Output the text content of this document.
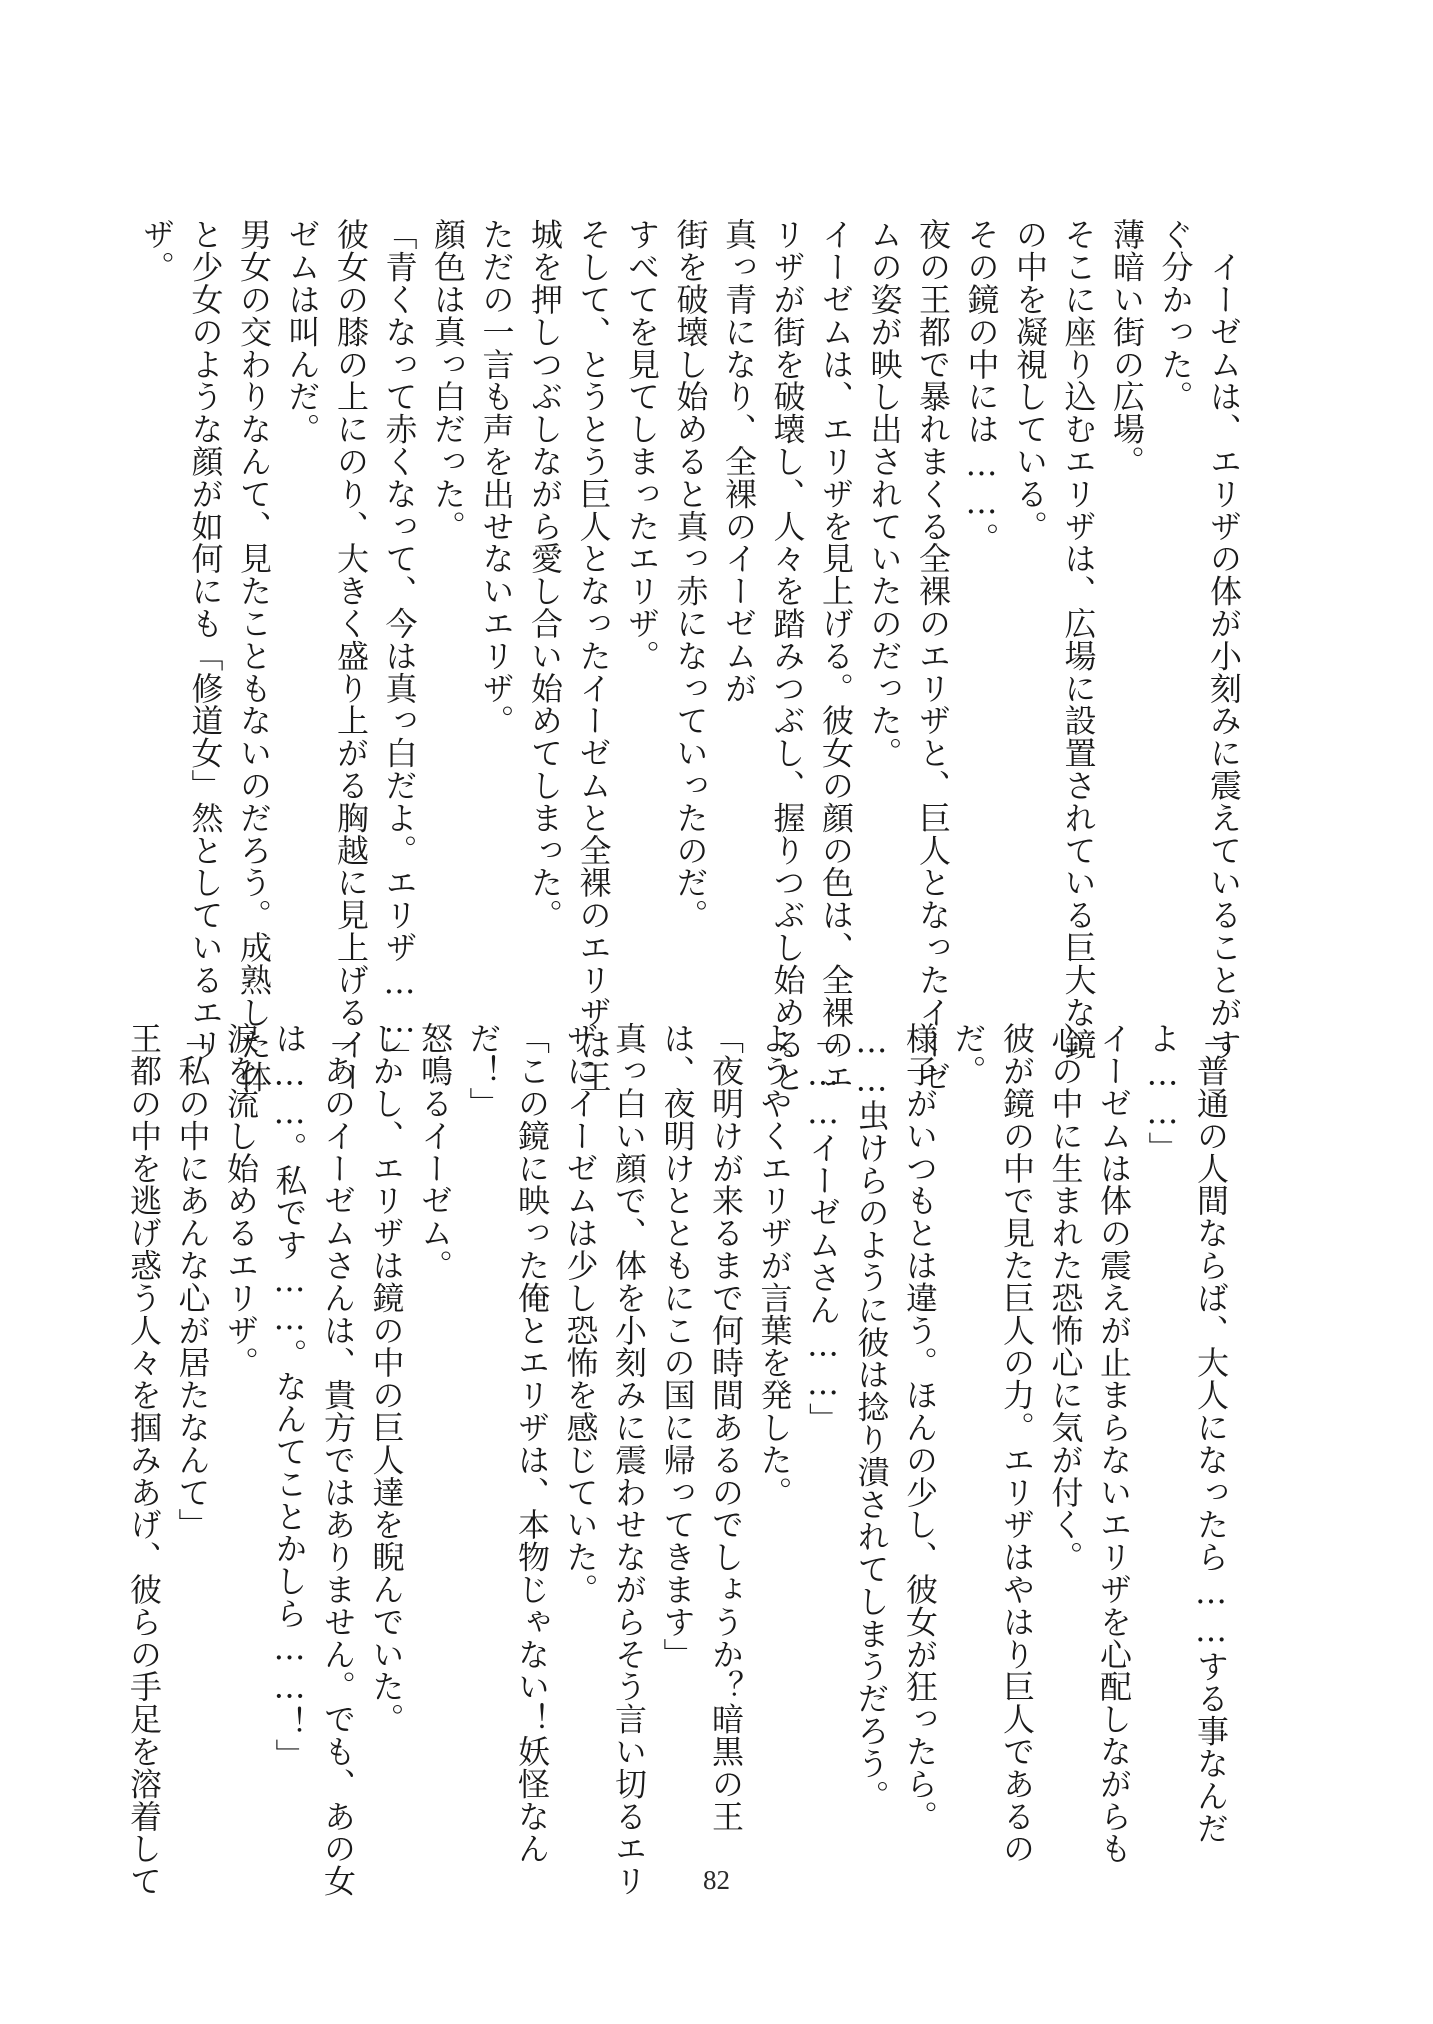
　イーゼムは、エリザの体が小刻みに震えていることがす
ぐ分かった。
薄暗い街の広場。
そこに座り込むエリザは、広場に設置されている巨大な鏡
の中を凝視している。
その鏡の中には……。
夜の王都で暴れまくる全裸のエリザと、巨人となったイーゼ
ムの姿が映し出されていたのだった。
イーゼムは、エリザを見上げる。彼女の顔の色は、全裸のエ
リザが街を破壊し、人々を踏みつぶし、握りつぶし始めると
真っ青になり、全裸のイーゼムが
街を破壊し始めると真っ赤になっていったのだ。
すべてを見てしまったエリザ。
そして、とうとう巨人となったイーゼムと全裸のエリザは王
城を押しつぶしながら愛し合い始めてしまった。
ただの一言も声を出せないエリザ。
顔色は真っ白だった。
「青くなって赤くなって、今は真っ白だよ。エリザ……」
彼女の膝の上にのり、大きく盛り上がる胸越に見上げるイー
ゼムは叫んだ。
男女の交わりなんて、見たこともないのだろう。成熟した体
と少女のような顔が如何にも「修道女」然としているエリ
ザ。
「普通の人間ならば、大人になったら……する事なんだ
よ……」
イーゼムは体の震えが止まらないエリザを心配しながらも
心の中に生まれた恐怖心に気が付く。
彼が鏡の中で見た巨人の力。エリザはやはり巨人であるの
だ。
様子がいつもとは違う。ほんの少し、彼女が狂ったら。
……虫けらのように彼は捻り潰されてしまうだろう。
「……イーゼムさん……」
ようやくエリザが言葉を発した。
「夜明けが来るまで何時間あるのでしょうか？暗黒の王
は、夜明けとともにこの国に帰ってきます」
真っ白い顔で、体を小刻みに震わせながらそう言い切るエリ
ザにイーゼムは少し恐怖を感じていた。
「この鏡に映った俺とエリザは、本物じゃない！妖怪なん
だ！」
怒鳴るイーゼム。
しかし、エリザは鏡の中の巨人達を睨んでいた。
「あのイーゼムさんは、貴方ではありません。でも、あの女
は……。私です……。なんてことかしら……！」
涙を流し始めるエリザ。
「私の中にあんな心が居たなんて」
王都の中を逃げ惑う人々を掴みあげ、彼らの手足を溶着して	82
